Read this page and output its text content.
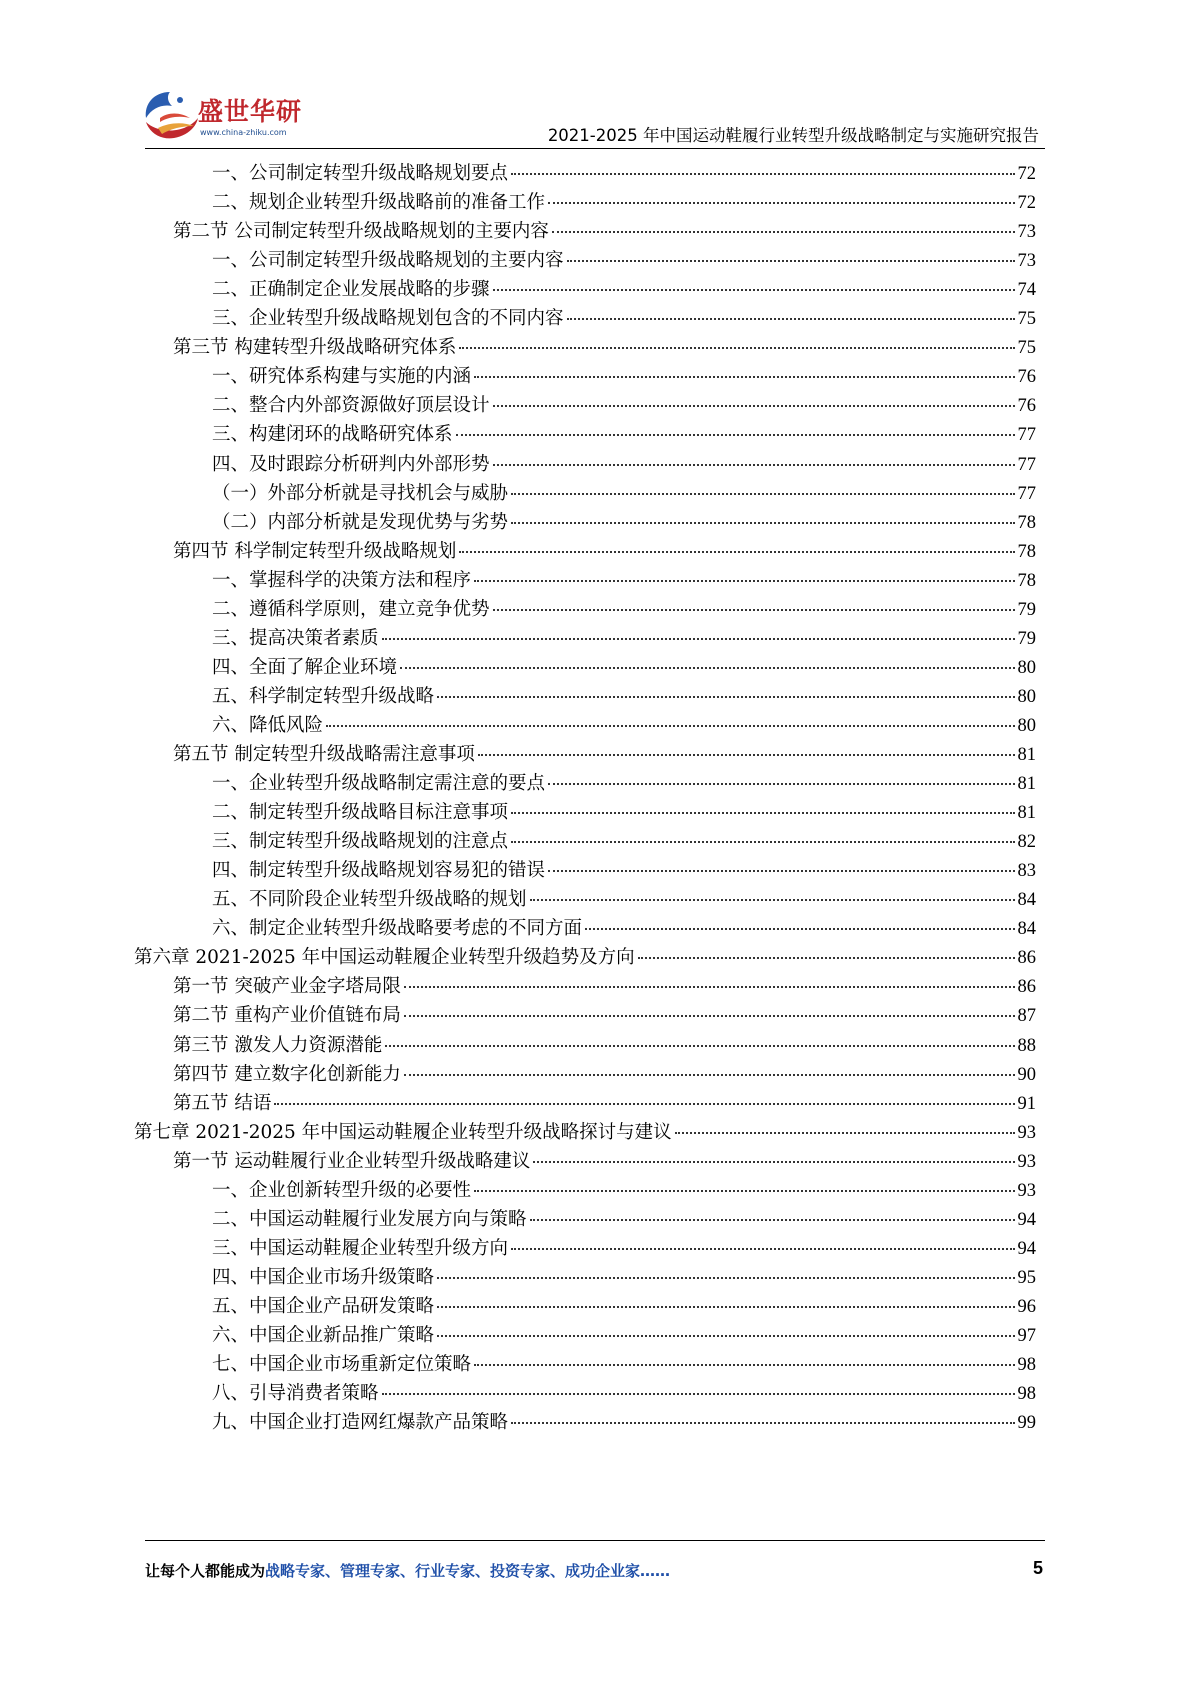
盛世华研
www.china-zhiku.com	2021-2025 年中国运动鞋履行业转型升级战略制定与实施研究报告
一、公司制定转型升级战略规划要点	72
二、规划企业转型升级战略前的准备工作	72
第二节 公司制定转型升级战略规划的主要内容	73
一、公司制定转型升级战略规划的主要内容	73
二、正确制定企业发展战略的步骤	74
三、企业转型升级战略规划包含的不同内容	75
第三节 构建转型升级战略研究体系	75
一、研究体系构建与实施的内涵	76
二、整合内外部资源做好顶层设计	76
三、构建闭环的战略研究体系	77
四、及时跟踪分析研判内外部形势	77
（一）外部分析就是寻找机会与威胁	77
（二）内部分析就是发现优势与劣势	78
第四节 科学制定转型升级战略规划	78
一、掌握科学的决策方法和程序	78
二、遵循科学原则，建立竞争优势	79
三、提高决策者素质	79
四、全面了解企业环境	80
五、科学制定转型升级战略	80
六、降低风险	80
第五节 制定转型升级战略需注意事项	81
一、企业转型升级战略制定需注意的要点	81
二、制定转型升级战略目标注意事项	81
三、制定转型升级战略规划的注意点	82
四、制定转型升级战略规划容易犯的错误	83
五、不同阶段企业转型升级战略的规划	84
六、制定企业转型升级战略要考虑的不同方面	84
第六章 2021-2025 年中国运动鞋履企业转型升级趋势及方向	86
第一节 突破产业金字塔局限	86
第二节 重构产业价值链布局	87
第三节 激发人力资源潜能	88
第四节 建立数字化创新能力	90
第五节 结语	91
第七章 2021-2025 年中国运动鞋履企业转型升级战略探讨与建议	93
第一节 运动鞋履行业企业转型升级战略建议	93
一、企业创新转型升级的必要性	93
二、中国运动鞋履行业发展方向与策略	94
三、中国运动鞋履企业转型升级方向	94
四、中国企业市场升级策略	95
五、中国企业产品研发策略	96
六、中国企业新品推广策略	97
七、中国企业市场重新定位策略	98
八、引导消费者策略	98
九、中国企业打造网红爆款产品策略	99
让每个人都能成为战略专家、管理专家、行业专家、投资专家、成功企业家……	5
